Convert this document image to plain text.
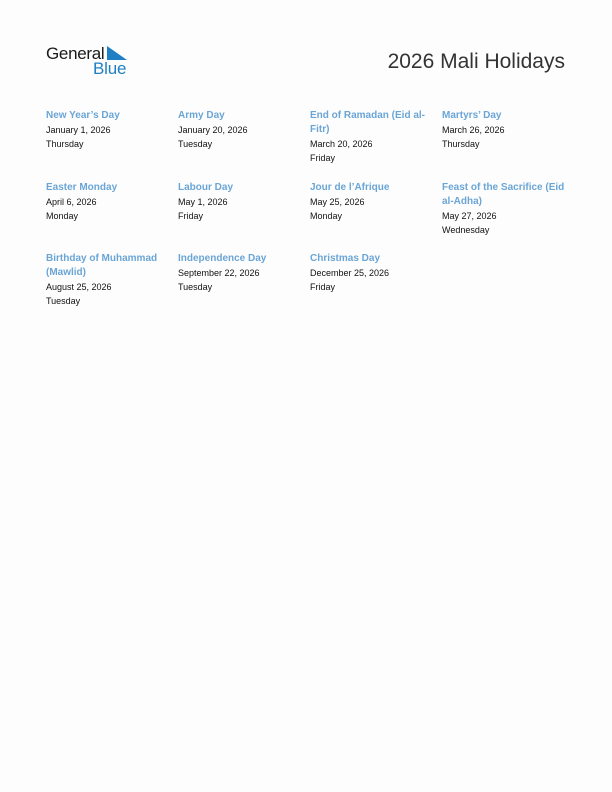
General
Blue	2026 Mali Holidays
New Year’s Day
January 1, 2026
Thursday
Army Day
January 20, 2026
Tuesday
End of Ramadan (Eid al-Fitr)
March 20, 2026
Friday
Martyrs’ Day
March 26, 2026
Thursday
Easter Monday
April 6, 2026
Monday
Labour Day
May 1, 2026
Friday
Jour de l’Afrique
May 25, 2026
Monday
Feast of the Sacrifice (Eid al-Adha)
May 27, 2026
Wednesday
Birthday of Muhammad (Mawlid)
August 25, 2026
Tuesday
Independence Day
September 22, 2026
Tuesday
Christmas Day
December 25, 2026
Friday
